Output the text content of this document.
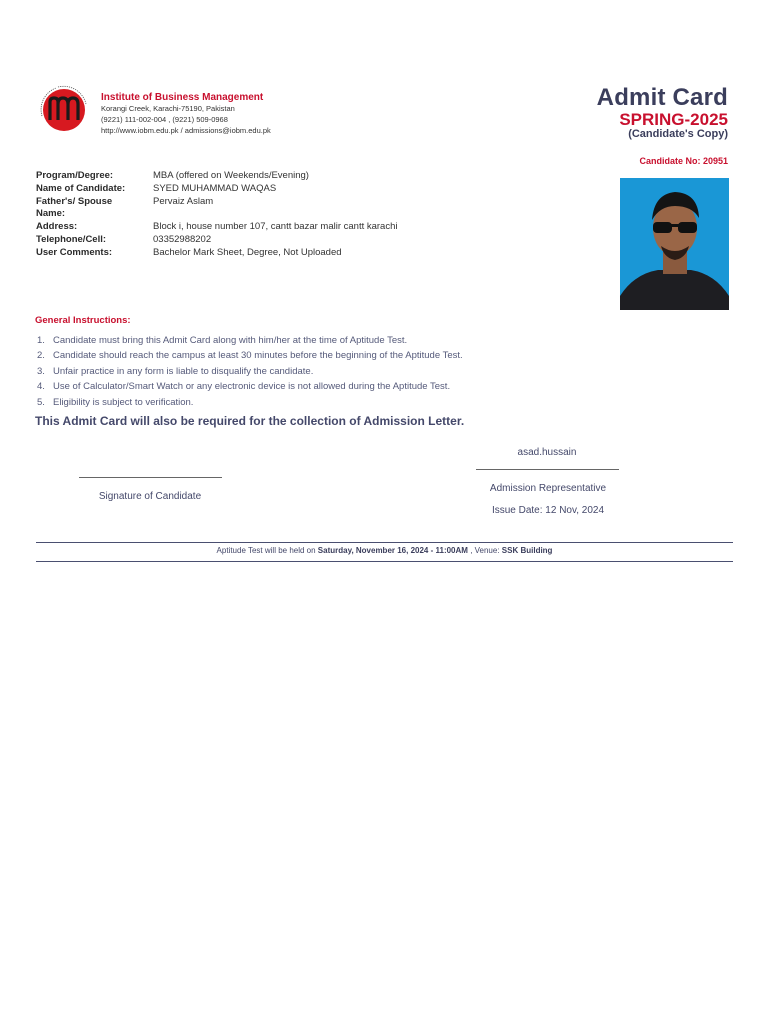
Institute of Business Management
Korangi Creek, Karachi-75190, Pakistan
(9221) 111-002-004 , (9221) 509-0968
http://www.iobm.edu.pk / admissions@iobm.edu.pk
Admit Card
SPRING-2025
(Candidate's Copy)
Candidate No: 20951
Program/Degree:	MBA (offered on Weekends/Evening)
Name of Candidate:	SYED MUHAMMAD WAQAS
Father's/ Spouse Name:
Pervaiz Aslam
Address:	Block i, house number 107, cantt bazar malir cantt karachi
Telephone/Cell:	03352988202
User Comments:	Bachelor Mark Sheet, Degree, Not Uploaded
General Instructions:
1. Candidate must bring this Admit Card along with him/her at the time of Aptitude Test.
2. Candidate should reach the campus at least 30 minutes before the beginning of the Aptitude Test.
3. Unfair practice in any form is liable to disqualify the candidate.
4. Use of Calculator/Smart Watch or any electronic device is not allowed during the Aptitude Test.
5. Eligibility is subject to verification.
This Admit Card will also be required for the collection of Admission Letter.
asad.hussain
Admission Representative
Issue Date: 12 Nov, 2024
Signature of Candidate
Aptitude Test will be held on Saturday, November 16, 2024 - 11:00AM , Venue: SSK Building
